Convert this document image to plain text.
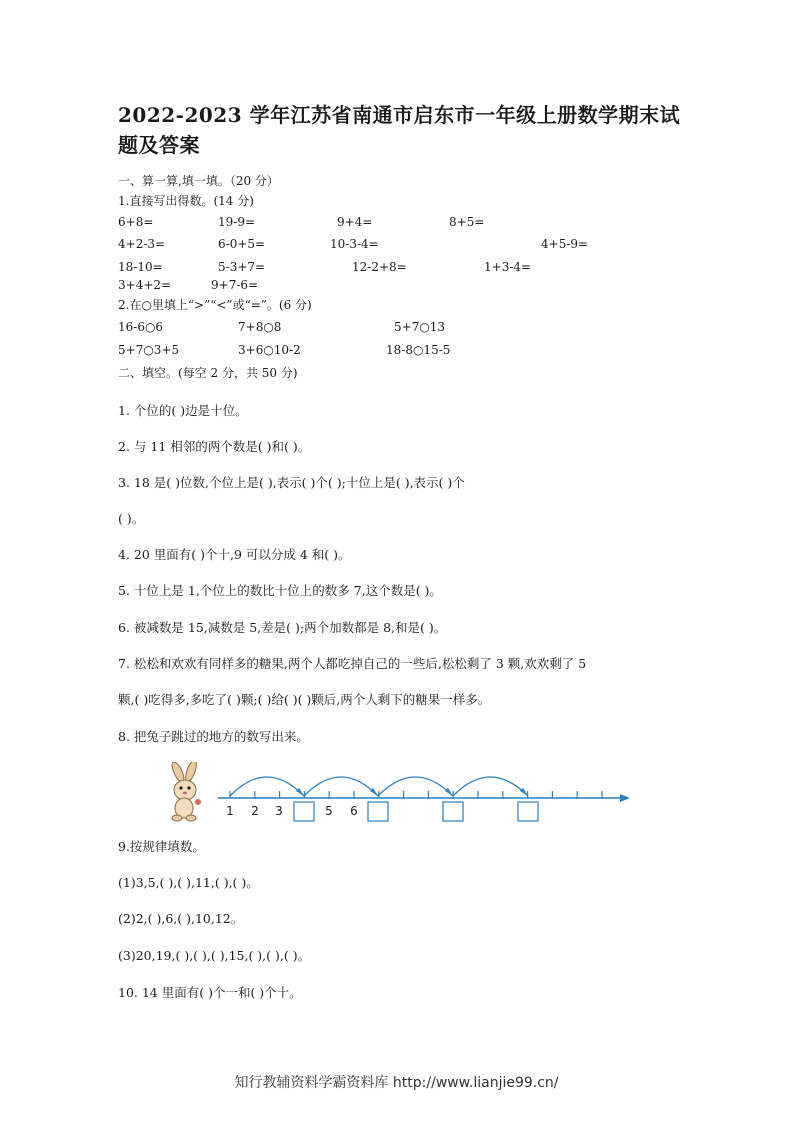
2022-2023 学年江苏省南通市启东市一年级上册数学期末试
题及答案
一、算一算,填一填。（20 分）
1.直接写出得数。(14 分)
6+8=	19-9=	9+4=	8+5=
4+2-3=	6-0+5=	10-3-4=	4+5-9=
18-10=	5-3+7=	12-2+8=	1+3-4=
3+4+2=	9+7-6=
2.在○里填上“>”“<”或“=”。(6 分)
16-6○6	7+8○8	5+7○13
5+7○3+5	3+6○10-2	18-8○15-5
二、填空。(每空 2 分，共 50 分)
1. 个位的( )边是十位。
2. 与 11 相邻的两个数是( )和( )。
3. 18 是( )位数,个位上是( ),表示( )个( );十位上是( ),表示( )个
( )。
4. 20 里面有( )个十,9 可以分成 4 和( )。
5. 十位上是 1,个位上的数比十位上的数多 7,这个数是( )。
6. 被减数是 15,减数是 5,差是( );两个加数都是 8,和是( )。
7. 松松和欢欢有同样多的糖果,两个人都吃掉自己的一些后,松松剩了 3 颗,欢欢剩了 5
颗,( )吃得多,多吃了( )颗;( )给( )( )颗后,两个人剩下的糖果一样多。
8. 把兔子跳过的地方的数写出来。
1 2 3	5 6
9.按规律填数。
(1)3,5,( ),( ),11,( ),( )。
(2)2,( ),6,( ),10,12。
(3)20,19,( ),( ),( ),15,( ),( ),( )。
10. 14 里面有( )个一和( )个十。
知行教辅资料学霸资料库 http://www.lianjie99.cn/
